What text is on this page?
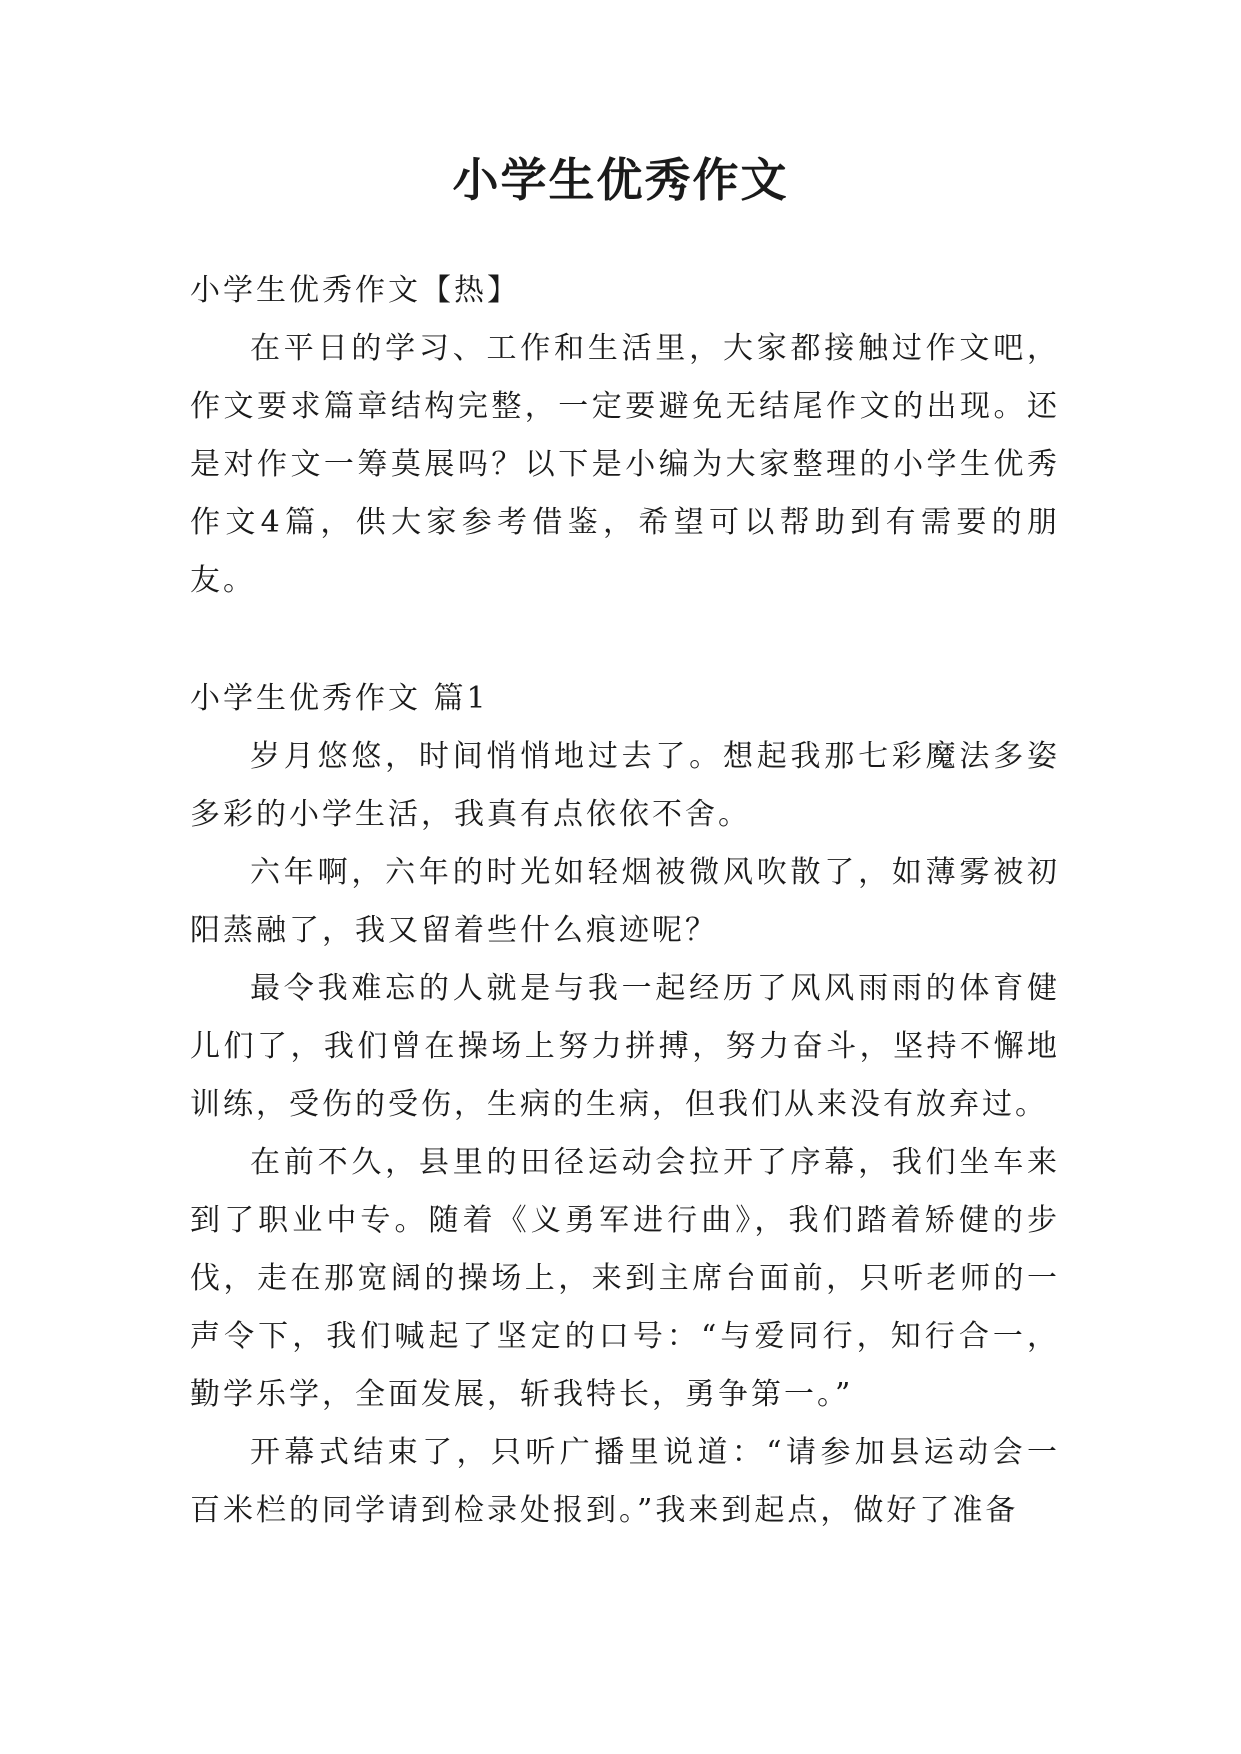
小学生优秀作文
小学生优秀作文【热】

在平日的学习、工作和生活里，大家都接触过作文吧，作文要求篇章结构完整，一定要避免无结尾作文的出现。还是对作文一筹莫展吗？以下是小编为大家整理的小学生优秀作文4篇，供大家参考借鉴，希望可以帮助到有需要的朋友。

小学生优秀作文 篇1

岁月悠悠，时间悄悄地过去了。想起我那七彩魔法多姿多彩的小学生活，我真有点依依不舍。

六年啊，六年的时光如轻烟被微风吹散了，如薄雾被初阳蒸融了，我又留着些什么痕迹呢？

最令我难忘的人就是与我一起经历了风风雨雨的体育健儿们了，我们曾在操场上努力拼搏，努力奋斗，坚持不懈地训练，受伤的受伤，生病的生病，但我们从来没有放弃过。

在前不久，县里的田径运动会拉开了序幕，我们坐车来到了职业中专。随着《义勇军进行曲》，我们踏着矫健的步伐，走在那宽阔的操场上，来到主席台面前，只听老师的一声令下，我们喊起了坚定的口号：“与爱同行，知行合一，勤学乐学，全面发展，斩我特长，勇争第一。”

开幕式结束了，只听广播里说道：“请参加县运动会一百米栏的同学请到检录处报到。”我来到起点，做好了准备
